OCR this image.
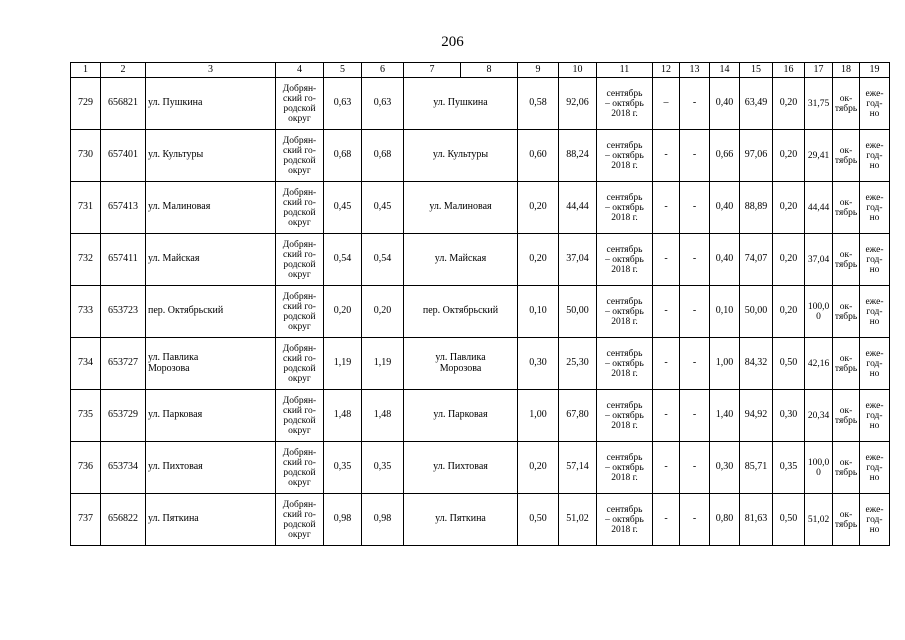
206
1	2	3	4	5	6	7	8	9	10	11	12	13	14	15	16	17	18	19
729	656821	ул. Пушкина	Добрян-
ский го-
родской
округ	0,63	0,63	ул. Пушкина		0,58	92,06	сентябрь
– октябрь
2018 г.	–	-	0,40	63,49	0,20	31,75	ок-
тябрь	еже-
год-
но
730	657401	ул. Культуры	Добрян-
ский го-
родской
округ	0,68	0,68	ул. Культуры		0,60	88,24	сентябрь
– октябрь
2018 г.	-	-	0,66	97,06	0,20	29,41	ок-
тябрь	еже-
год-
но
731	657413	ул. Малиновая	Добрян-
ский го-
родской
округ	0,45	0,45	ул. Малиновая		0,20	44,44	сентябрь
– октябрь
2018 г.	-	-	0,40	88,89	0,20	44,44	ок-
тябрь	еже-
год-
но
732	657411	ул. Майская	Добрян-
ский го-
родской
округ	0,54	0,54	ул. Майская		0,20	37,04	сентябрь
– октябрь
2018 г.	-	-	0,40	74,07	0,20	37,04	ок-
тябрь	еже-
год-
но
733	653723	пер. Октябрьский	Добрян-
ский го-
родской
округ	0,20	0,20	пер. Октябрьский		0,10	50,00	сентябрь
– октябрь
2018 г.	-	-	0,10	50,00	0,20	100,0
0	ок-
тябрь	еже-
год-
но
734	653727	ул. Павлика
Морозова	Добрян-
ский го-
родской
округ	1,19	1,19	ул. Павлика
Морозова		0,30	25,30	сентябрь
– октябрь
2018 г.	-	-	1,00	84,32	0,50	42,16	ок-
тябрь	еже-
год-
но
735	653729	ул. Парковая	Добрян-
ский го-
родской
округ	1,48	1,48	ул. Парковая		1,00	67,80	сентябрь
– октябрь
2018 г.	-	-	1,40	94,92	0,30	20,34	ок-
тябрь	еже-
год-
но
736	653734	ул. Пихтовая	Добрян-
ский го-
родской
округ	0,35	0,35	ул. Пихтовая		0,20	57,14	сентябрь
– октябрь
2018 г.	-	-	0,30	85,71	0,35	100,0
0	ок-
тябрь	еже-
год-
но
737	656822	ул. Пяткина	Добрян-
ский го-
родской
округ	0,98	0,98	ул. Пяткина		0,50	51,02	сентябрь
– октябрь
2018 г.	-	-	0,80	81,63	0,50	51,02	ок-
тябрь	еже-
год-
но
